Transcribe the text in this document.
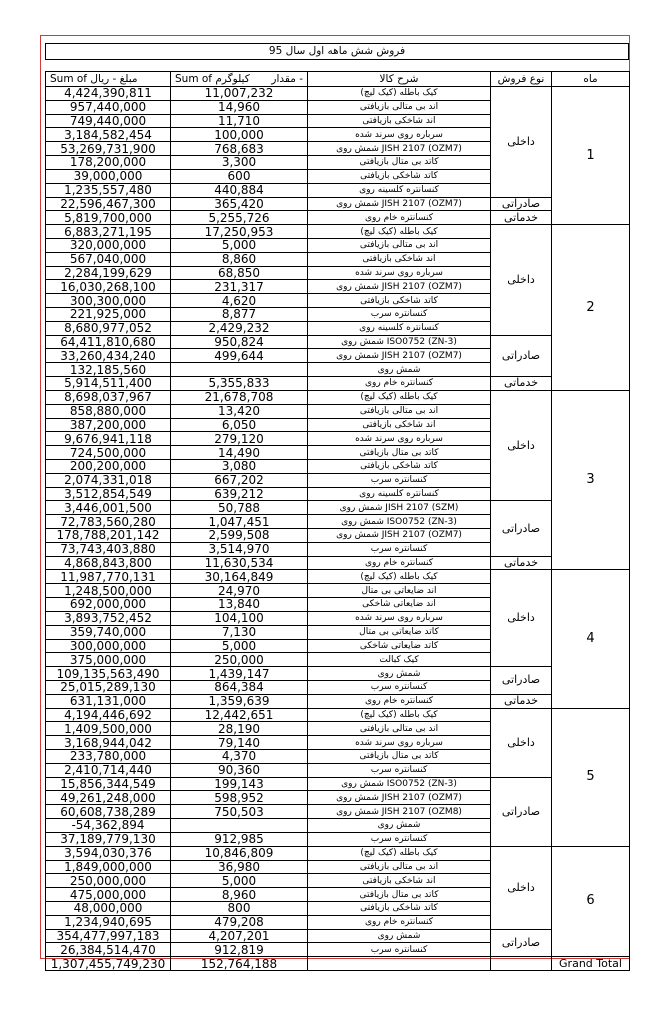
فروش شش ماهه اول سال 95
Sum of مبلغ - ریال	Sum of کیلوگرم مقدار -	شرح کالا	نوع فروش	ماه
4,424,390,811	11,007,232	کیک باطله (کیک لیچ)	داخلی	1
957,440,000	14,960	اند بی متالی بازیافتی		
749,440,000	11,710	اند شاخکی بازیافتی		
3,184,582,454	100,000	سرباره روی سرند شده		
53,269,731,900	768,683	شمش روی JISH 2107 (OZM7)		
178,200,000	3,300	کاتد بی متال بازیافتی		
39,000,000	600	کاتد شاخکی بازیافتی		
1,235,557,480	440,884	کنسانتره کلسینه روی		
22,596,467,300	365,420	شمش روی JISH 2107 (OZM7)	صادراتی	
5,819,700,000	5,255,726	کنسانتره خام روی	خدماتی	
6,883,271,195	17,250,953	کیک باطله (کیک لیچ)	داخلی	2
320,000,000	5,000	اند بی متالی بازیافتی		
567,040,000	8,860	اند شاخکی بازیافتی		
2,284,199,629	68,850	سرباره روی سرند شده		
16,030,268,100	231,317	شمش روی JISH 2107 (OZM7)		
300,300,000	4,620	کاتد شاخکی بازیافتی		
221,925,000	8,877	کنسانتره سرب		
8,680,977,052	2,429,232	کنسانتره کلسینه روی		
64,411,810,680	950,824	شمش روی ISO0752 (ZN-3)	صادراتی	
33,260,434,240	499,644	شمش روی JISH 2107 (OZM7)		
132,185,560		شمش روی		
5,914,511,400	5,355,833	کنسانتره خام روی	خدماتی	
8,698,037,967	21,678,708	کیک باطله (کیک لیچ)	داخلی	3
858,880,000	13,420	اند بی متالی بازیافتی		
387,200,000	6,050	اند شاخکی بازیافتی		
9,676,941,118	279,120	سرباره روی سرند شده		
724,500,000	14,490	کاتد بی متال بازیافتی		
200,200,000	3,080	کاتد شاخکی بازیافتی		
2,074,331,018	667,202	کنسانتره سرب		
3,512,854,549	639,212	کنسانتره کلسینه روی		
3,446,001,500	50,788	شمش روی JISH 2107 (SZM)	صادراتی	
72,783,560,280	1,047,451	شمش روی ISO0752 (ZN-3)		
178,788,201,142	2,599,508	شمش روی JISH 2107 (OZM7)		
73,743,403,880	3,514,970	کنسانتره سرب		
4,868,843,800	11,630,534	کنسانتره خام روی	خدماتی	
11,987,770,131	30,164,849	کیک باطله (کیک لیچ)	داخلی	4
1,248,500,000	24,970	اند ضایعاتی بی متال		
692,000,000	13,840	اند ضایعاتی شاخکی		
3,893,752,452	104,100	سرباره روی سرند شده		
359,740,000	7,130	کاتد ضایعاتی بی متال		
300,000,000	5,000	کاتد ضایعاتی شاخکی		
375,000,000	250,000	کیک کبالت		
109,135,563,490	1,439,147	شمش روی	صادراتی	
25,015,289,130	864,384	کنسانتره سرب		
631,131,000	1,359,639	کنسانتره خام روی	خدماتی	
4,194,446,692	12,442,651	کیک باطله (کیک لیچ)	داخلی	5
1,409,500,000	28,190	اند بی متالی بازیافتی		
3,168,944,042	79,140	سرباره روی سرند شده		
233,780,000	4,370	کاتد بی متال بازیافتی		
2,410,714,440	90,360	کنسانتره سرب		
15,856,344,549	199,143	شمش روی ISO0752 (ZN-3)	صادراتی	
49,261,248,000	598,952	شمش روی JISH 2107 (OZM7)		
60,608,738,289	750,503	شمش روی JISH 2107 (OZM8)		
-54,362,894		شمش روی		
37,189,779,130	912,985	کنسانتره سرب		
3,594,030,376	10,846,809	کیک باطله (کیک لیچ)	داخلی	6
1,849,000,000	36,980	اند بی متالی بازیافتی		
250,000,000	5,000	اند شاخکی بازیافتی		
475,000,000	8,960	کاتد بی متال بازیافتی		
48,000,000	800	کاتد شاخکی بازیافتی		
1,234,940,695	479,208	کنسانتره خام روی		
354,477,997,183	4,207,201	شمش روی	صادراتی	
26,384,514,470	912,819	کنسانتره سرب		
1,307,455,749,230	152,764,188			Grand Total
